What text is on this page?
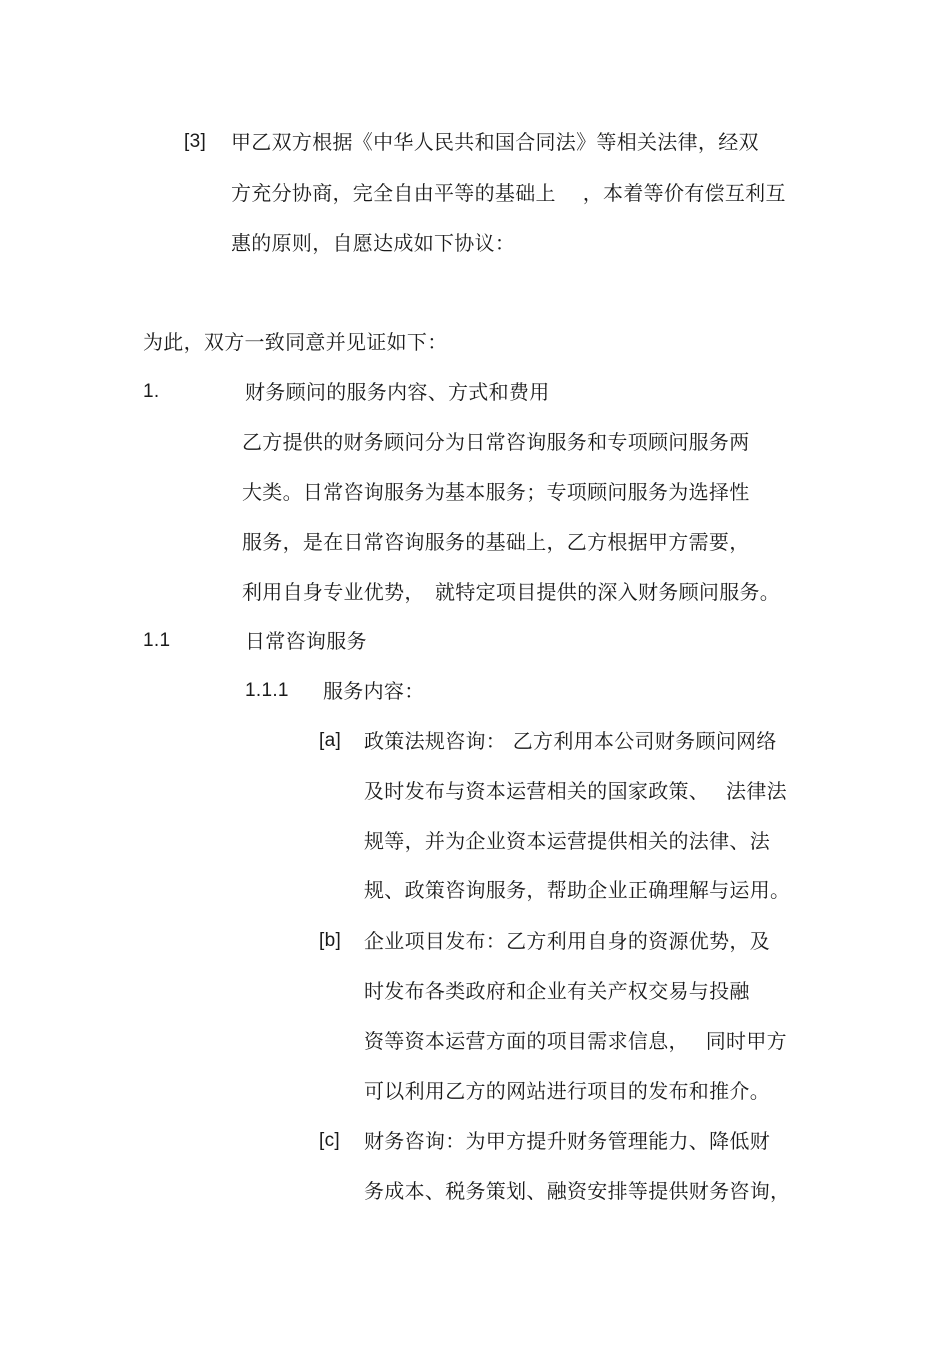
[3] 甲乙双方根据《中华人民共和国合同法》等相关法律，经双
方充分协商，完全自由平等的基础上　 ，本着等价有偿互利互
惠的原则，自愿达成如下协议：
为此，双方一致同意并见证如下：
1.	财务顾问的服务内容、方式和费用
乙方提供的财务顾问分为日常咨询服务和专项顾问服务两
大类。日常咨询服务为基本服务；专项顾问服务为选择性
服务，是在日常咨询服务的基础上，乙方根据甲方需要，
利用自身专业优势，　就特定项目提供的深入财务顾问服务。
1.1	日常咨询服务
1.1.1 服务内容：
[a] 政策法规咨询： 乙方利用本公司财务顾问网络
及时发布与资本运营相关的国家政策、　 法律法
规等，并为企业资本运营提供相关的法律、法
规、政策咨询服务，帮助企业正确理解与运用。
[b] 企业项目发布：乙方利用自身的资源优势，及
时发布各类政府和企业有关产权交易与投融
资等资本运营方面的项目需求信息，　 同时甲方
可以利用乙方的网站进行项目的发布和推介。
[c] 财务咨询：为甲方提升财务管理能力、降低财
务成本、税务策划、融资安排等提供财务咨询，
